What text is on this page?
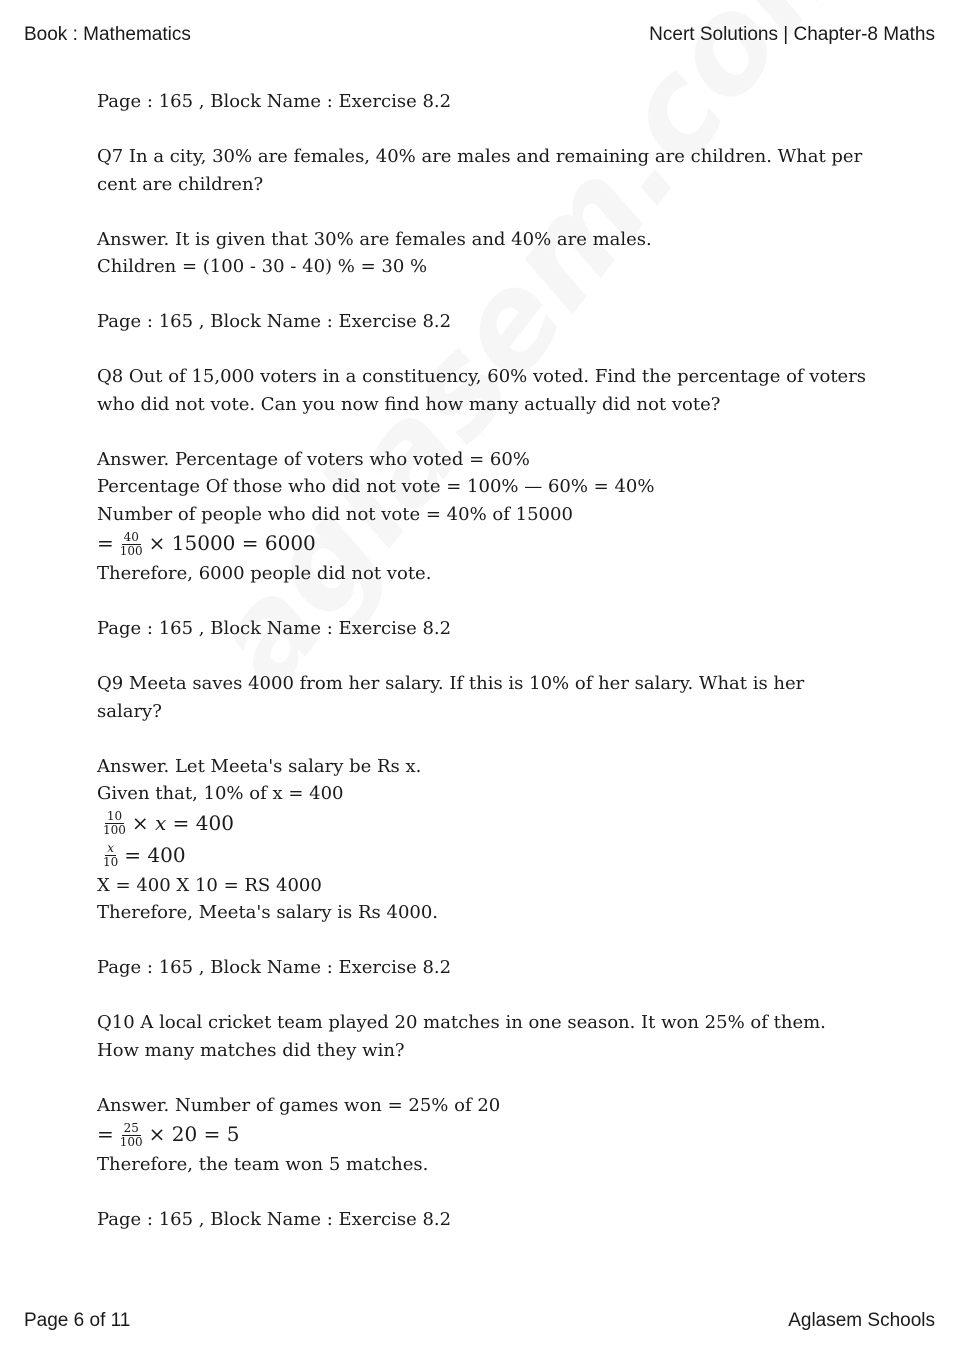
Book : Mathematics	Ncert Solutions | Chapter-8 Maths
Page : 165 , Block Name : Exercise 8.2
Q7 In a city, 30% are females, 40% are males and remaining are children. What per cent are children?
Answer. It is given that 30% are females and 40% are males.
Children = (100 - 30 - 40) % = 30 %
Page : 165 , Block Name : Exercise 8.2
Q8 Out of 15,000 voters in a constituency, 60% voted. Find the percentage of voters who did not vote. Can you now find how many actually did not vote?
Answer. Percentage of voters who voted = 60%
Percentage Of those who did not vote = 100% — 60% = 40%
Number of people who did not vote = 40% of 15000
= $\frac{40}{100} \times 15000 = 6000$
Therefore, 6000 people did not vote.
Page : 165 , Block Name : Exercise 8.2
Q9 Meeta saves 4000 from her salary. If this is 10% of her salary. What is her salary?
Answer. Let Meeta's salary be Rs x.
Given that, 10% of x = 400
$\frac{10}{100}$ ×
x
= 400
$\frac{x}{10} = 400$
X = 400 X 10 = RS 4000
Therefore, Meeta's salary is Rs 4000.
Page : 165 , Block Name : Exercise 8.2
Q10 A local cricket team played 20 matches in one season. It won 25% of them. How many matches did they win?
Answer. Number of games won = 25% of 20
= $\frac{25}{100} \times 20 = 5$
Therefore, the team won 5 matches.
Page : 165 , Block Name : Exercise 8.2
Page 6 of 11	Aglasem Schools
